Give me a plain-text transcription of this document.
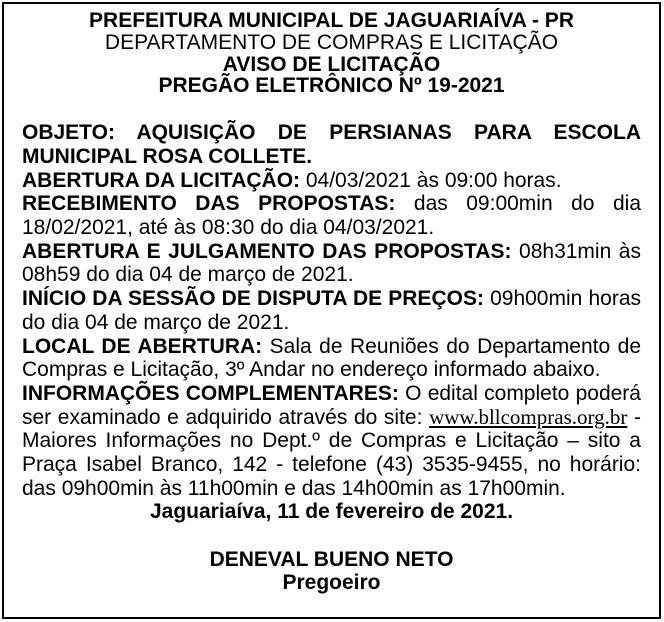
PREFEITURA MUNICIPAL DE JAGUARIAÍVA - PR
DEPARTAMENTO DE COMPRAS E LICITAÇÃO
AVISO DE LICITAÇÃO
PREGÃO ELETRÔNICO Nº 19-2021

OBJETO: AQUISIÇÃO DE PERSIANAS PARA ESCOLA MUNICIPAL ROSA COLLETE.

ABERTURA DA LICITAÇÃO: 04/03/2021 às 09:00 horas.

RECEBIMENTO DAS PROPOSTAS: das 09:00min do dia 18/02/2021, até às 08:30 do dia 04/03/2021.

ABERTURA E JULGAMENTO DAS PROPOSTAS: 08h31min às 08h59 do dia 04 de março de 2021.

INÍCIO DA SESSÃO DE DISPUTA DE PREÇOS: 09h00min horas do dia 04 de março de 2021.

LOCAL DE ABERTURA: Sala de Reuniões do Departamento de Compras e Licitação, 3º Andar no endereço informado abaixo.

INFORMAÇÕES COMPLEMENTARES: O edital completo poderá ser examinado e adquirido através do site: www.bllcompras.org.br - Maiores Informações no Dept.º de Compras e Licitação – sito a Praça Isabel Branco, 142 - telefone (43) 3535-9455, no horário: das 09h00min às 11h00min e das 14h00min as 17h00min.

Jaguariaíva, 11 de fevereiro de 2021.

DENEVAL BUENO NETO
Pregoeiro
